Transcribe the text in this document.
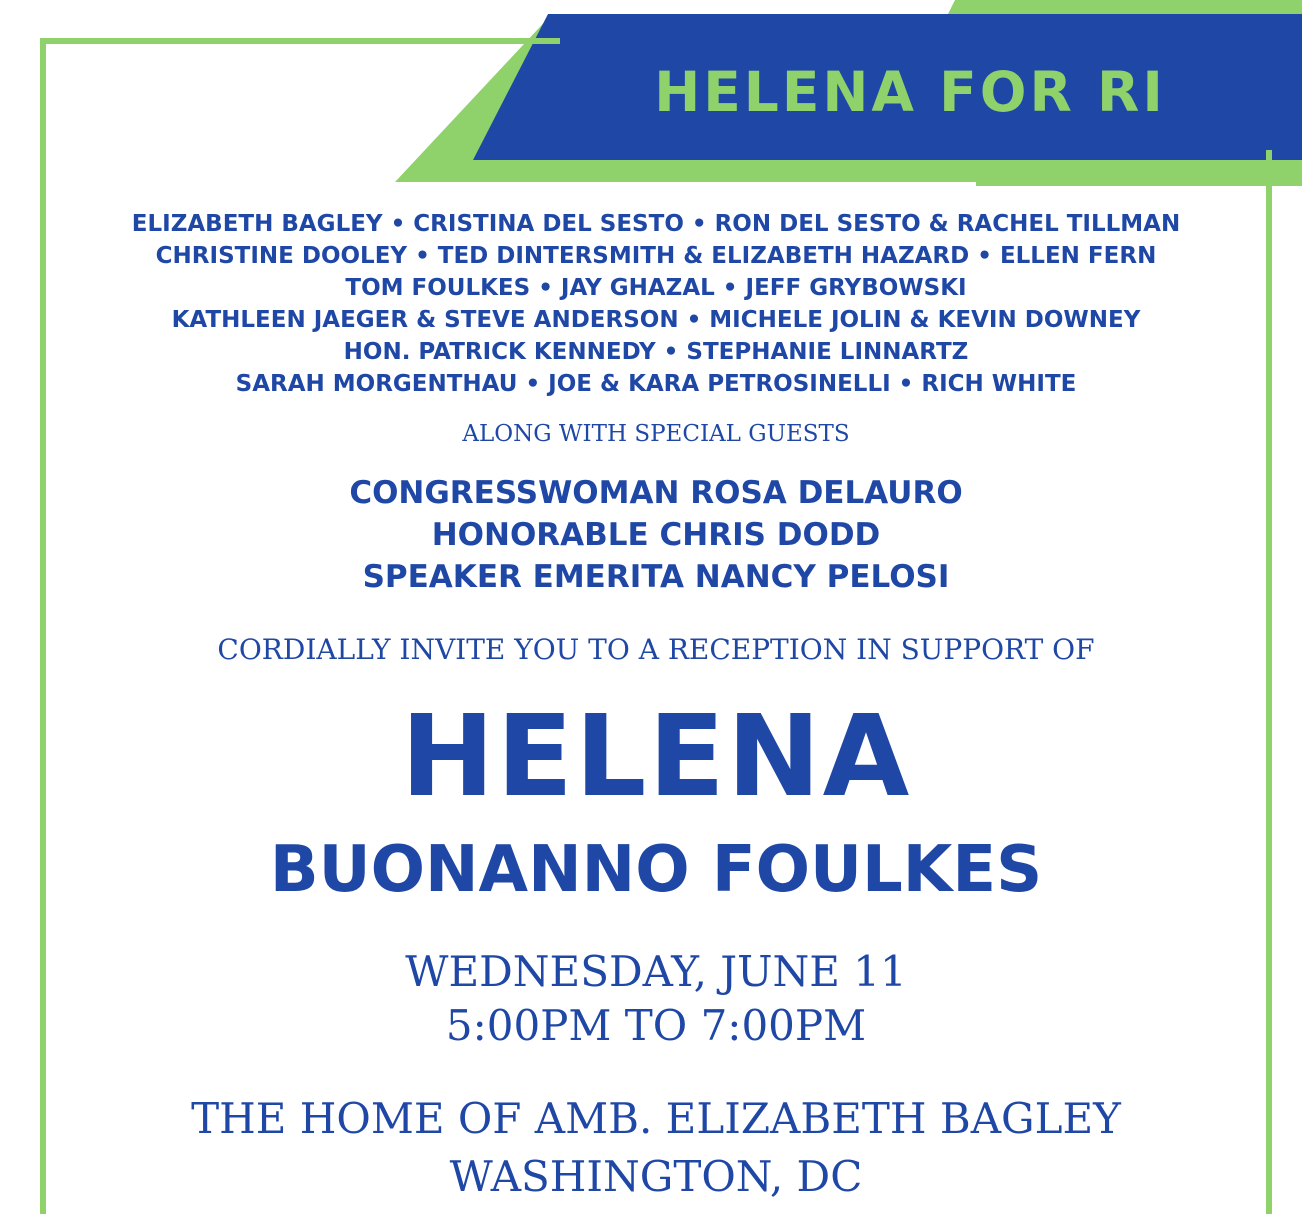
HELENA FOR RI
ELIZABETH BAGLEY • CRISTINA DEL SESTO • RON DEL SESTO & RACHEL TILLMAN
CHRISTINE DOOLEY • TED DINTERSMITH & ELIZABETH HAZARD • ELLEN FERN
TOM FOULKES • JAY GHAZAL • JEFF GRYBOWSKI
KATHLEEN JAEGER & STEVE ANDERSON • MICHELE JOLIN & KEVIN DOWNEY
HON. PATRICK KENNEDY • STEPHANIE LINNARTZ
SARAH MORGENTHAU • JOE & KARA PETROSINELLI • RICH WHITE
ALONG WITH SPECIAL GUESTS
CONGRESSWOMAN ROSA DELAURO
HONORABLE CHRIS DODD
SPEAKER EMERITA NANCY PELOSI
CORDIALLY INVITE YOU TO A RECEPTION IN SUPPORT OF
HELENA
BUONANNO FOULKES
WEDNESDAY, JUNE 11
5:00PM TO 7:00PM
THE HOME OF AMB. ELIZABETH BAGLEY
WASHINGTON, DC
